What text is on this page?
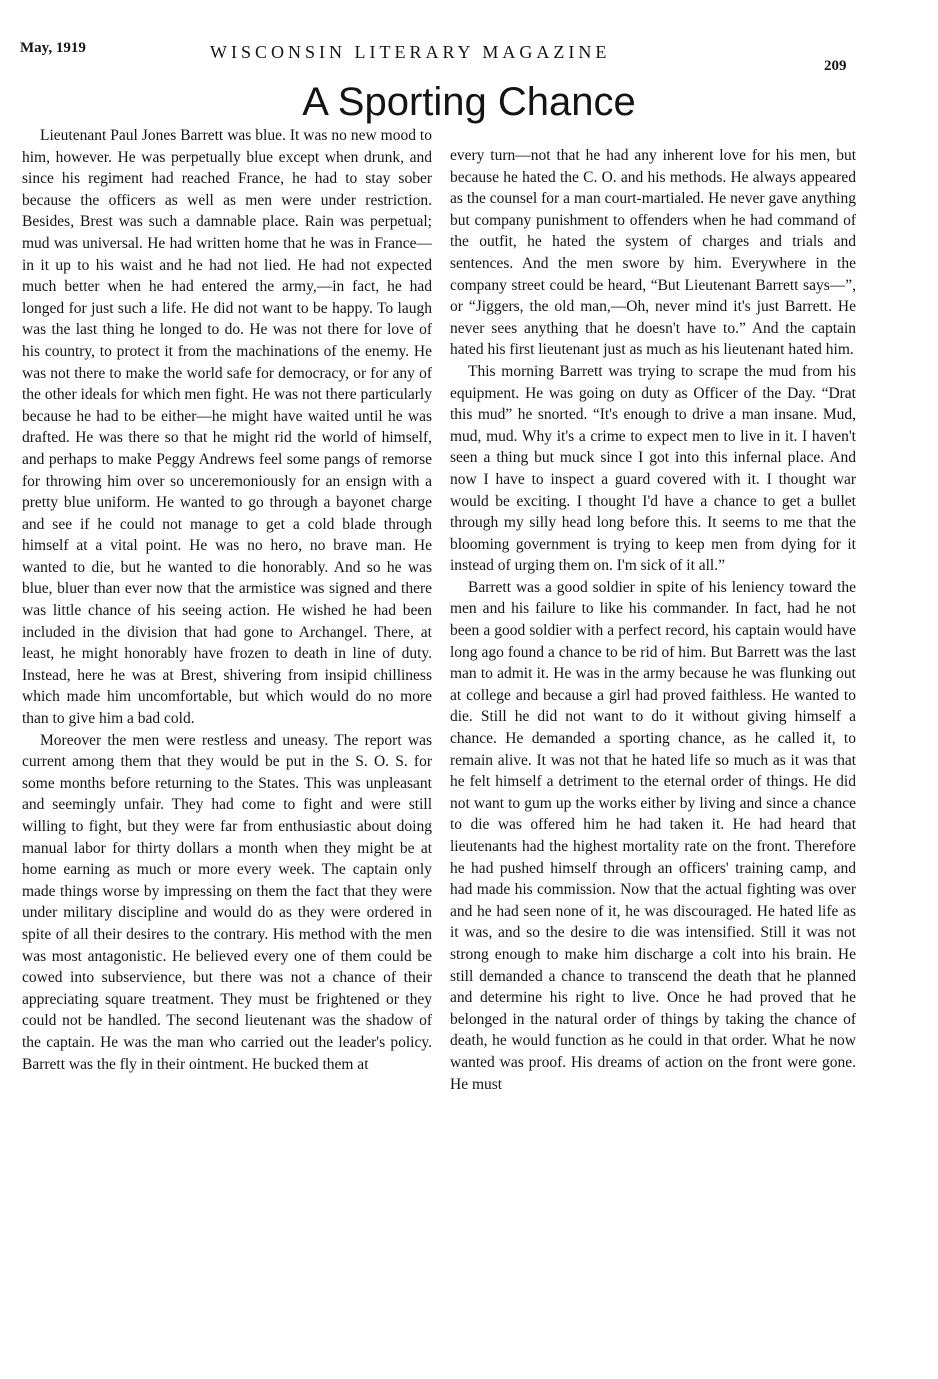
May, 1919	WISCONSIN LITERARY MAGAZINE
209
A Sporting Chance

Lieutenant Paul Jones Barrett was blue. It was no new mood to him, however. He was perpetually blue except when drunk, and since his regiment had reached France, he had to stay sober because the officers as well as men were under restriction. Besides, Brest was such a damnable place. Rain was perpetual; mud was universal. He had written home that he was in France—in it up to his waist and he had not lied. He had not expected much better when he had entered the army,—in fact, he had longed for just such a life. He did not want to be happy. To laugh was the last thing he longed to do. He was not there for love of his country, to protect it from the machinations of the enemy. He was not there to make the world safe for democracy, or for any of the other ideals for which men fight. He was not there particularly because he had to be either—he might have waited until he was drafted. He was there so that he might rid the world of himself, and perhaps to make Peggy Andrews feel some pangs of remorse for throwing him over so unceremoniously for an ensign with a pretty blue uniform. He wanted to go through a bayonet charge and see if he could not manage to get a cold blade through himself at a vital point. He was no hero, no brave man. He wanted to die, but he wanted to die honorably. And so he was blue, bluer than ever now that the armistice was signed and there was little chance of his seeing action. He wished he had been included in the division that had gone to Archangel. There, at least, he might honorably have frozen to death in line of duty. Instead, here he was at Brest, shivering from insipid chilliness which made him uncomfortable, but which would do no more than to give him a bad cold.

Moreover the men were restless and uneasy. The report was current among them that they would be put in the S. O. S. for some months before returning to the States. This was unpleasant and seemingly unfair. They had come to fight and were still willing to fight, but they were far from enthusiastic about doing manual labor for thirty dollars a month when they might be at home earning as much or more every week. The captain only made things worse by impressing on them the fact that they were under military discipline and would do as they were ordered in spite of all their desires to the contrary. His method with the men was most antagonistic. He believed every one of them could be cowed into subservience, but there was not a chance of their appreciating square treatment. They must be frightened or they could not be handled. The second lieutenant was the shadow of the captain. He was the man who carried out the leader's policy. Barrett was the fly in their ointment. He bucked them at

every turn—not that he had any inherent love for his men, but because he hated the C. O. and his methods. He always appeared as the counsel for a man court-martialed. He never gave anything but company punishment to offenders when he had command of the outfit, he hated the system of charges and trials and sentences. And the men swore by him. Everywhere in the company street could be heard, “But Lieutenant Barrett says—”, or “Jiggers, the old man,—Oh, never mind it's just Barrett. He never sees anything that he doesn't have to.” And the captain hated his first lieutenant just as much as his lieutenant hated him.

This morning Barrett was trying to scrape the mud from his equipment. He was going on duty as Officer of the Day. “Drat this mud” he snorted. “It's enough to drive a man insane. Mud, mud, mud. Why it's a crime to expect men to live in it. I haven't seen a thing but muck since I got into this infernal place. And now I have to inspect a guard covered with it. I thought war would be exciting. I thought I'd have a chance to get a bullet through my silly head long before this. It seems to me that the blooming government is trying to keep men from dying for it instead of urging them on. I'm sick of it all.”

Barrett was a good soldier in spite of his leniency toward the men and his failure to like his commander. In fact, had he not been a good soldier with a perfect record, his captain would have long ago found a chance to be rid of him. But Barrett was the last man to admit it. He was in the army because he was flunking out at college and because a girl had proved faithless. He wanted to die. Still he did not want to do it without giving himself a chance. He demanded a sporting chance, as he called it, to remain alive. It was not that he hated life so much as it was that he felt himself a detriment to the eternal order of things. He did not want to gum up the works either by living and since a chance to die was offered him he had taken it. He had heard that lieutenants had the highest mortality rate on the front. Therefore he had pushed himself through an officers' training camp, and had made his commission. Now that the actual fighting was over and he had seen none of it, he was discouraged. He hated life as it was, and so the desire to die was intensified. Still it was not strong enough to make him discharge a colt into his brain. He still demanded a chance to transcend the death that he planned and determine his right to live. Once he had proved that he belonged in the natural order of things by taking the chance of death, he would function as he could in that order. What he now wanted was proof. His dreams of action on the front were gone. He must
